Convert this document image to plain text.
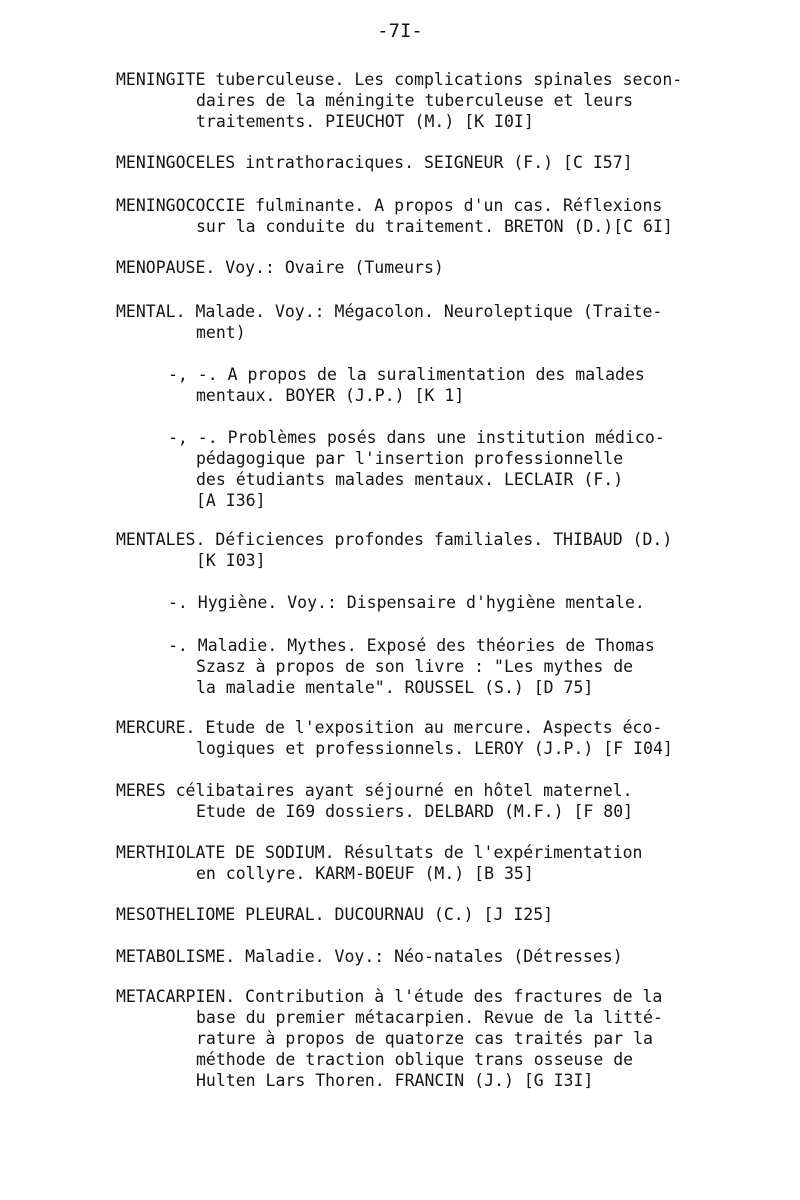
-7I-
MENINGITE tuberculeuse. Les complications spinales secon-
daires de la méningite tuberculeuse et leurs
traitements. PIEUCHOT (M.) [K I0I]
MENINGOCELES intrathoraciques. SEIGNEUR (F.) [C I57]
MENINGOCOCCIE fulminante. A propos d'un cas. Réflexions
sur la conduite du traitement. BRETON (D.)[C 6I]
MENOPAUSE. Voy.: Ovaire (Tumeurs)
MENTAL. Malade. Voy.: Mégacolon. Neuroleptique (Traite-
ment)
-, -. A propos de la suralimentation des malades
mentaux. BOYER (J.P.) [K 1]
-, -. Problèmes posés dans une institution médico-
pédagogique par l'insertion professionnelle
des étudiants malades mentaux. LECLAIR (F.)
[A I36]
MENTALES. Déficiences profondes familiales. THIBAUD (D.)
[K I03]
-. Hygiène. Voy.: Dispensaire d'hygiène mentale.
-. Maladie. Mythes. Exposé des théories de Thomas
Szasz à propos de son livre : "Les mythes de
la maladie mentale". ROUSSEL (S.) [D 75]
MERCURE. Etude de l'exposition au mercure. Aspects éco-
logiques et professionnels. LEROY (J.P.) [F I04]
MERES célibataires ayant séjourné en hôtel maternel.
Etude de I69 dossiers. DELBARD (M.F.) [F 80]
MERTHIOLATE DE SODIUM. Résultats de l'expérimentation
en collyre. KARM-BOEUF (M.) [B 35]
MESOTHELIOME PLEURAL. DUCOURNAU (C.) [J I25]
METABOLISME. Maladie. Voy.: Néo-natales (Détresses)
METACARPIEN. Contribution à l'étude des fractures de la
base du premier métacarpien. Revue de la litté-
rature à propos de quatorze cas traités par la
méthode de traction oblique trans osseuse de
Hulten Lars Thoren. FRANCIN (J.) [G I3I]
